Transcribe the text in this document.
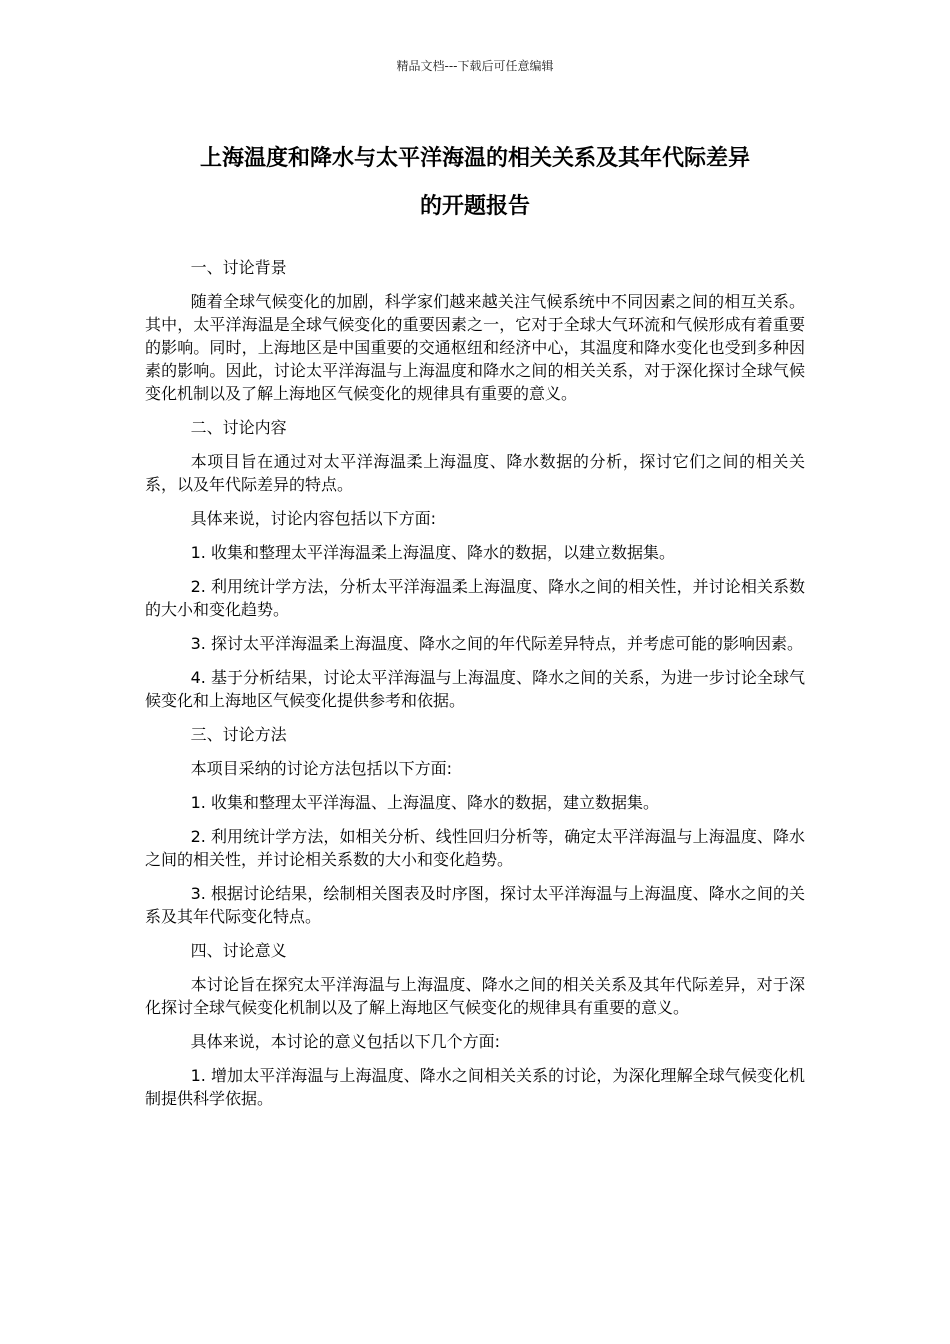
精品文档---下载后可任意编辑
上海温度和降水与太平洋海温的相关关系及其年代际差异
的开题报告

一、讨论背景

随着全球气候变化的加剧，科学家们越来越关注气候系统中不同因素之间的相互关系。其中，太平洋海温是全球气候变化的重要因素之一，它对于全球大气环流和气候形成有着重要的影响。同时，上海地区是中国重要的交通枢纽和经济中心，其温度和降水变化也受到多种因素的影响。因此，讨论太平洋海温与上海温度和降水之间的相关关系，对于深化探讨全球气候变化机制以及了解上海地区气候变化的规律具有重要的意义。

二、讨论内容

本项目旨在通过对太平洋海温柔上海温度、降水数据的分析，探讨它们之间的相关关系，以及年代际差异的特点。

具体来说，讨论内容包括以下方面:

1. 收集和整理太平洋海温柔上海温度、降水的数据，以建立数据集。

2. 利用统计学方法，分析太平洋海温柔上海温度、降水之间的相关性，并讨论相关系数的大小和变化趋势。

3. 探讨太平洋海温柔上海温度、降水之间的年代际差异特点，并考虑可能的影响因素。

4. 基于分析结果，讨论太平洋海温与上海温度、降水之间的关系，为进一步讨论全球气候变化和上海地区气候变化提供参考和依据。

三、讨论方法

本项目采纳的讨论方法包括以下方面:

1. 收集和整理太平洋海温、上海温度、降水的数据，建立数据集。

2. 利用统计学方法，如相关分析、线性回归分析等，确定太平洋海温与上海温度、降水之间的相关性，并讨论相关系数的大小和变化趋势。

3. 根据讨论结果，绘制相关图表及时序图，探讨太平洋海温与上海温度、降水之间的关系及其年代际变化特点。

四、讨论意义

本讨论旨在探究太平洋海温与上海温度、降水之间的相关关系及其年代际差异，对于深化探讨全球气候变化机制以及了解上海地区气候变化的规律具有重要的意义。

具体来说，本讨论的意义包括以下几个方面:

1. 增加太平洋海温与上海温度、降水之间相关关系的讨论，为深化理解全球气候变化机制提供科学依据。
